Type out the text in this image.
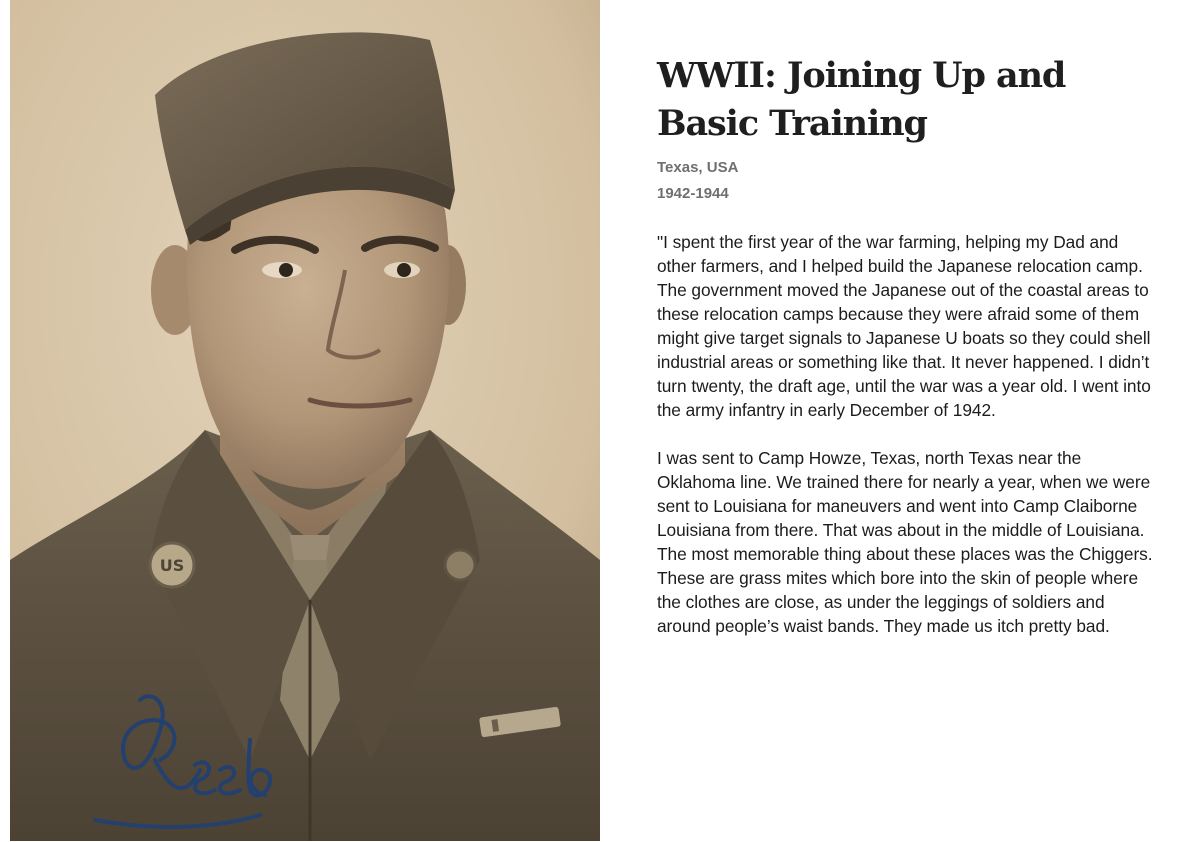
US
Reed
WWII: Joining Up and Basic Training

Texas, USA

1942-1944

"I spent the first year of the war farming, helping my Dad and other farmers, and I helped build the Japanese relocation camp. The government moved the Japanese out of the coastal areas to these relocation camps because they were afraid some of them might give target signals to Japanese U boats so they could shell industrial areas or something like that. It never happened. I didn’t turn twenty, the draft age, until the war was a year old. I went into the army infantry in early December of 1942.

I was sent to Camp Howze, Texas, north Texas near the Oklahoma line. We trained there for nearly a year, when we were sent to Louisiana for maneuvers and went into Camp Claiborne Louisiana from there. That was about in the middle of Louisiana. The most memorable thing about these places was the Chiggers. These are grass mites which bore into the skin of people where the clothes are close, as under the leggings of soldiers and around people’s waist bands. They made us itch pretty bad.
